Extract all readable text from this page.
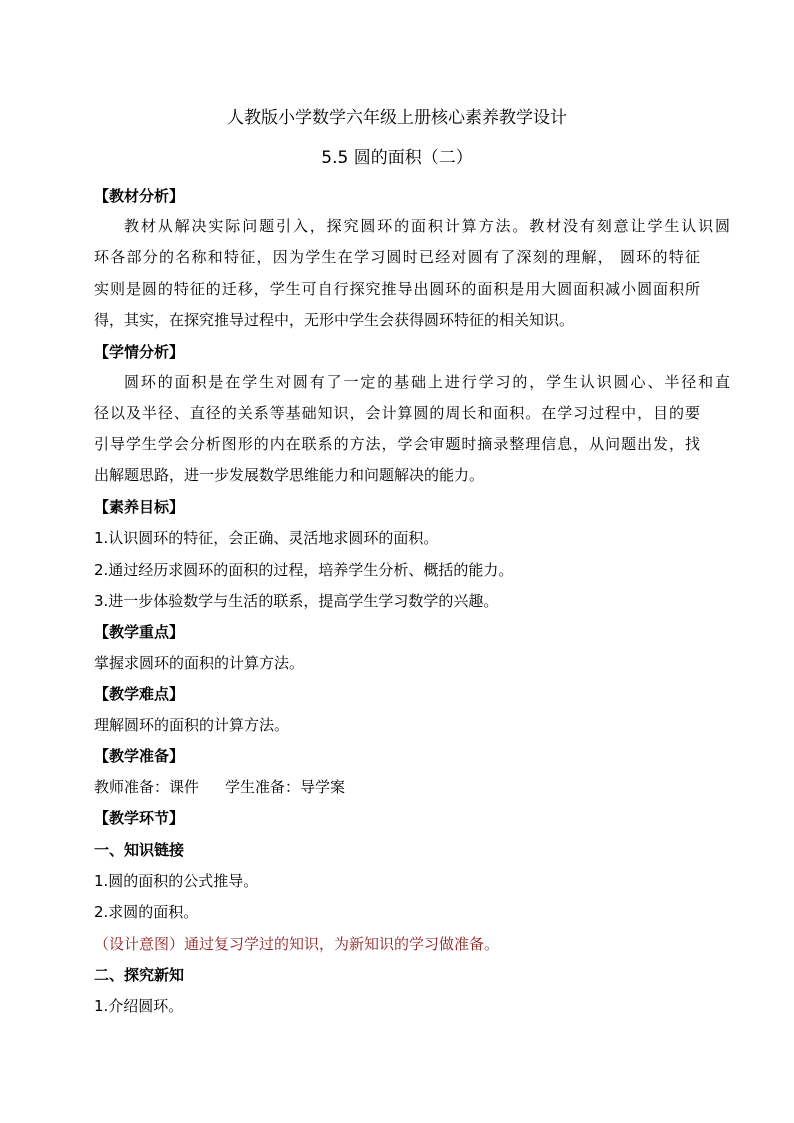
人教版小学数学六年级上册核心素养教学设计
5.5 圆的面积（二）
【教材分析】
教材从解决实际问题引入，探究圆环的面积计算方法。教材没有刻意让学生认识圆
环各部分的名称和特征，因为学生在学习圆时已经对圆有了深刻的理解， 圆环的特征
实则是圆的特征的迁移，学生可自行探究推导出圆环的面积是用大圆面积减小圆面积所
得，其实，在探究推导过程中，无形中学生会获得圆环特征的相关知识。
【学情分析】
圆环的面积是在学生对圆有了一定的基础上进行学习的，学生认识圆心、半径和直
径以及半径、直径的关系等基础知识，会计算圆的周长和面积。在学习过程中，目的要
引导学生学会分析图形的内在联系的方法，学会审题时摘录整理信息，从问题出发，找
出解题思路，进一步发展数学思维能力和问题解决的能力。
【素养目标】
1.认识圆环的特征，会正确、灵活地求圆环的面积。
2.通过经历求圆环的面积的过程，培养学生分析、概括的能力。
3.进一步体验数学与生活的联系，提高学生学习数学的兴趣。
【教学重点】
掌握求圆环的面积的计算方法。
【教学难点】
理解圆环的面积的计算方法。
【教学准备】
教师准备：课件 学生准备：导学案
【教学环节】
一、知识链接
1.圆的面积的公式推导。
2.求圆的面积。
（设计意图）通过复习学过的知识，为新知识的学习做准备。
二、探究新知
1.介绍圆环。
